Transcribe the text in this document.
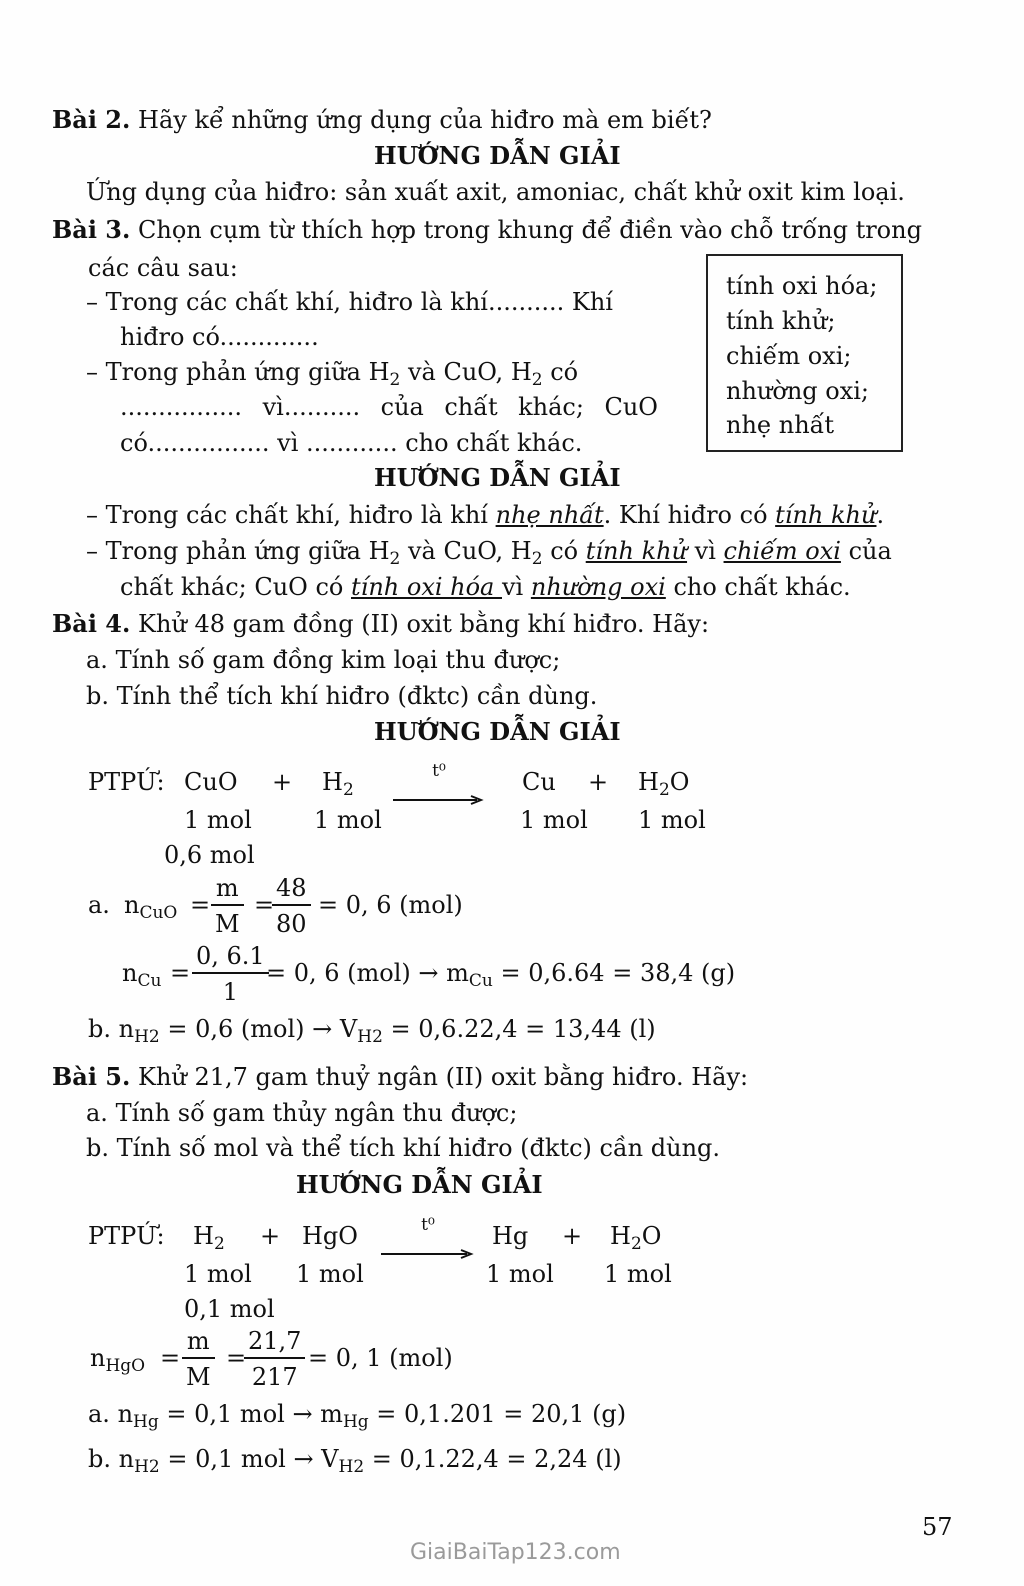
Bài 2. Hãy kể những ứng dụng của hiđro mà em biết?
HƯỚNG DẪN GIẢI
Ứng dụng của hiđro: sản xuất axit, amoniac, chất khử oxit kim loại.
Bài 3. Chọn cụm từ thích hợp trong khung để điền vào chỗ trống trong
các câu sau:
– Trong các chất khí, hiđro là khí.......... Khí
hiđro có.............
– Trong phản ứng giữa $H_2$ và CuO, $H_2$ có
................ vì.......... của chất khác; CuO
có................ vì ............ cho chất khác.
tính oxi hóa;
tính khử;
chiếm oxi;
nhường oxi;
nhẹ nhất
HƯỚNG DẪN GIẢI
– Trong các chất khí, hiđro là khí nhẹ nhất. Khí hiđro có tính khử.
– Trong phản ứng giữa $H_2$ và CuO, $H_2$ có tính khử vì chiếm oxi của
chất khác; CuO có tính oxi hóa vì nhường oxi cho chất khác.
Bài 4. Khử 48 gam đồng (II) oxit bằng khí hiđro. Hãy:
a. Tính số gam đồng kim loại thu được;
b. Tính thể tích khí hiđro (đktc) cần dùng.
HƯỚNG DẪN GIẢI
PTPỨ: CuO + $H_2$
t⁰	$Cu + H_2O$
1 mol	1 mol	1 mol 1 mol
0,6 mol
a. $n_{CuO}$ =
m
M
=
48
80
= 0, 6 (mol)
$n_{Cu}$ =
0, 6.1
1
= 0, 6 $(mol) \to m_{Cu} = 0,6.64 = 38,4$ (g)
b. $n_{H2} = 0,6$ $(mol) \to V_{H2} = 0,6.22,4 = 13,44$ (l)
Bài 5. Khử 21,7 gam thuỷ ngân (II) oxit bằng hiđro. Hãy:
a. Tính số gam thủy ngân thu được;
b. Tính số mol và thể tích khí hiđro (đktc) cần dùng.
HƯỚNG DẪN GIẢI
PTPỨ: $H_2$ + HgO	t⁰ $Hg + H_2O$
1 mol 1 mol	1 mol 1 mol
0,1 mol
$n_{HgO}$ =
m
M
=
21,7
217
= 0, 1 (mol)
a. $n_{Hg} = 0,1$ mol → $m_{Hg} = 0,1.201 = 20,1$ (g)
b. $n_{H2} = 0,1$ mol → $V_{H2} = 0,1.22,4 = 2,24$ (l)
57
GiaiBaiTap123.com
